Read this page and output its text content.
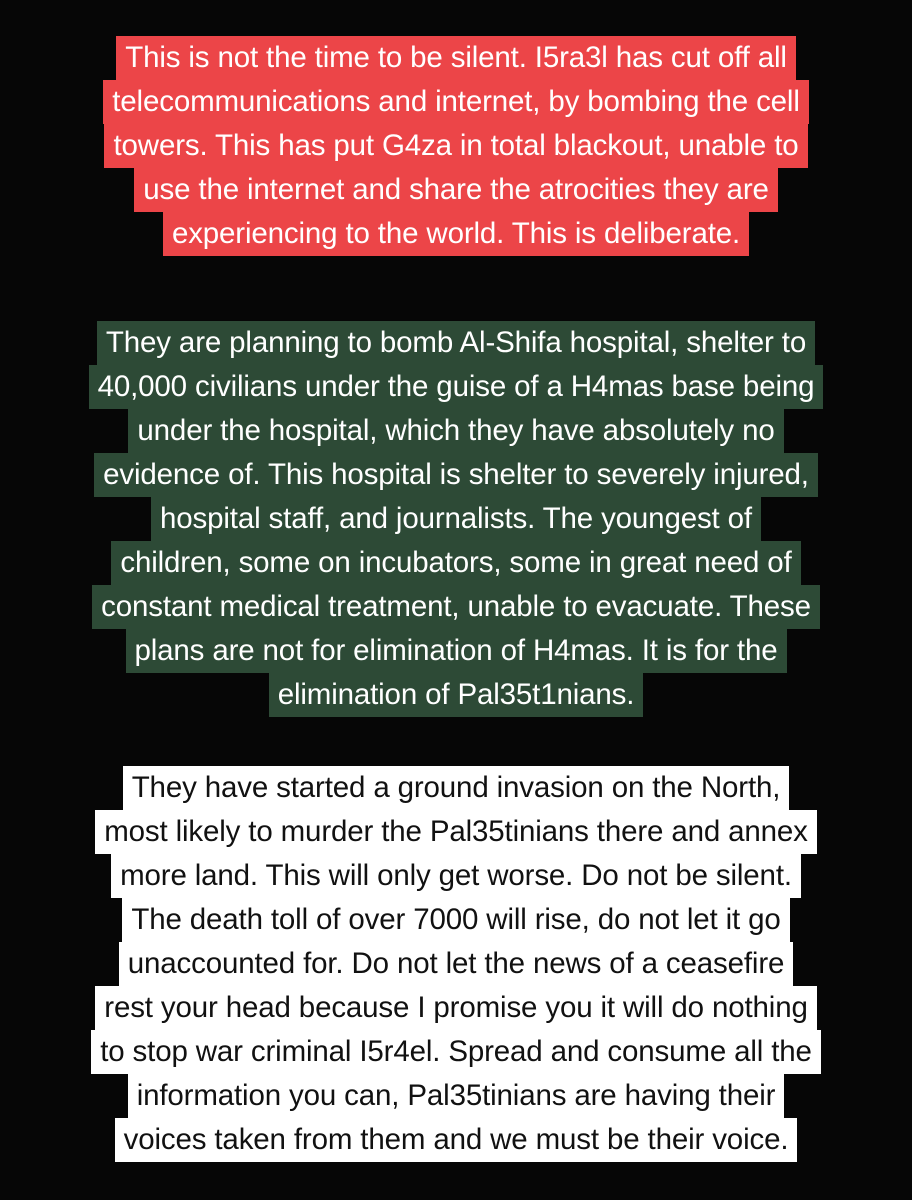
This is not the time to be silent. I5ra3l has cut off all
telecommunications and internet, by bombing the cell
towers. This has put G4za in total blackout, unable to
use the internet and share the atrocities they are
experiencing to the world. This is deliberate.
They are planning to bomb Al-Shifa hospital, shelter to
40,000 civilians under the guise of a H4mas base being
under the hospital, which they have absolutely no
evidence of. This hospital is shelter to severely injured,
hospital staff, and journalists. The youngest of
children, some on incubators, some in great need of
constant medical treatment, unable to evacuate. These
plans are not for elimination of H4mas. It is for the
elimination of Pal35t1nians.
They have started a ground invasion on the North,
most likely to murder the Pal35tinians there and annex
more land. This will only get worse. Do not be silent.
The death toll of over 7000 will rise, do not let it go
unaccounted for. Do not let the news of a ceasefire
rest your head because I promise you it will do nothing
to stop war criminal I5r4el. Spread and consume all the
information you can, Pal35tinians are having their
voices taken from them and we must be their voice.
